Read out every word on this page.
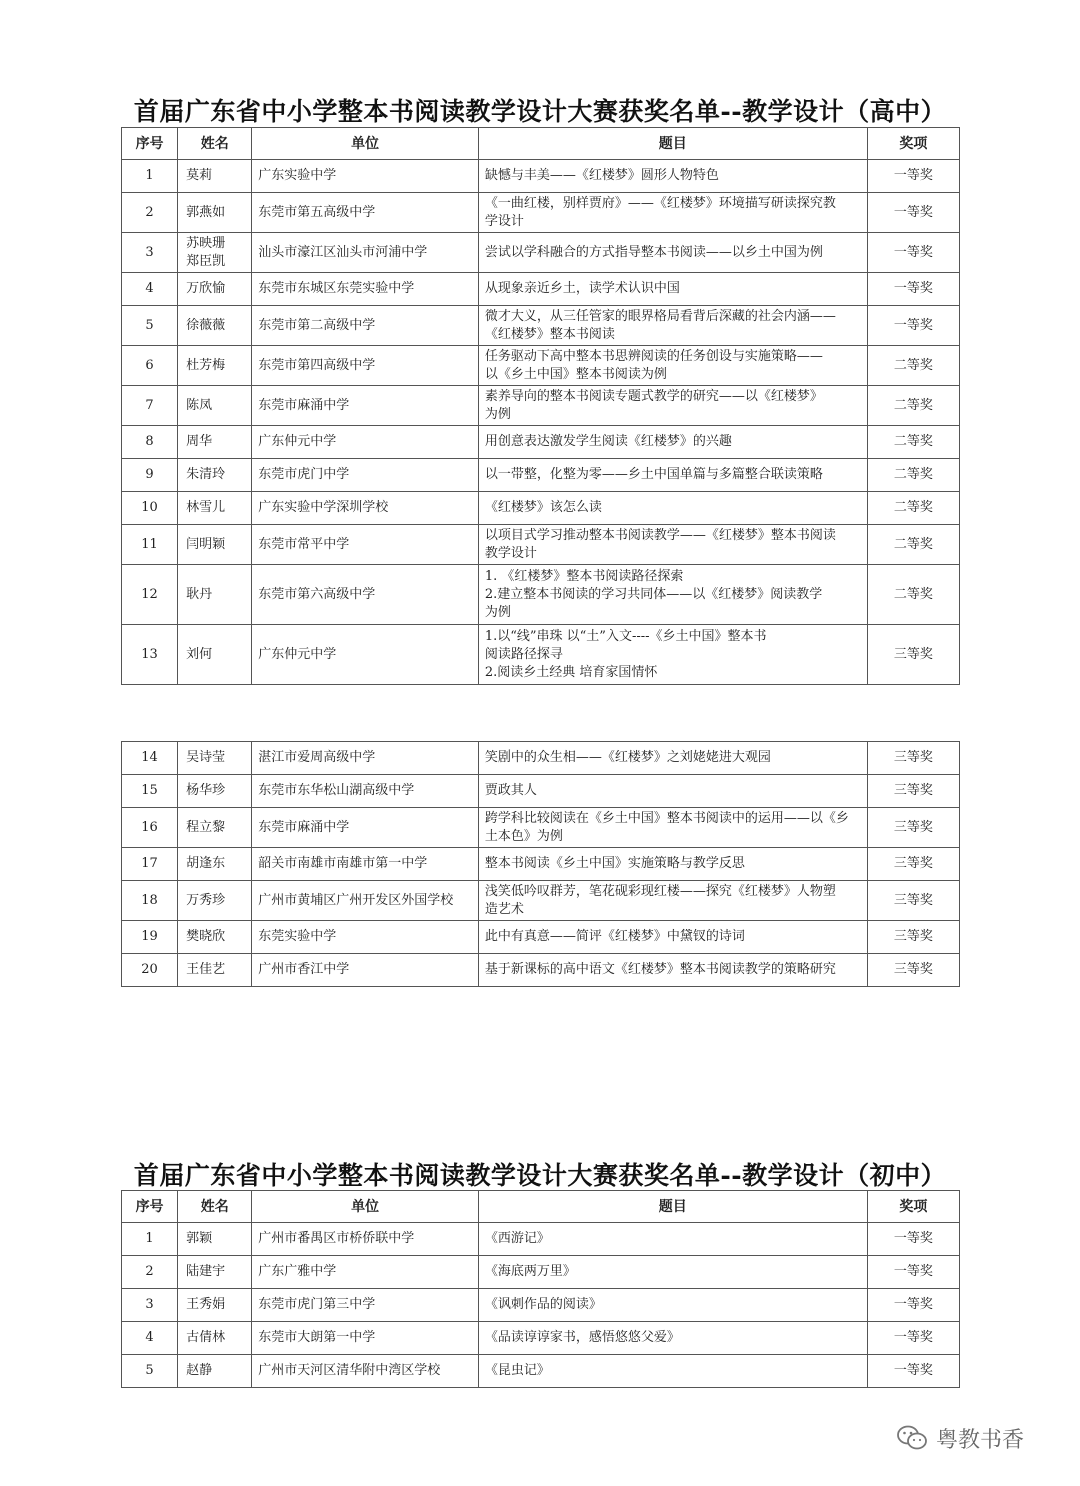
首届广东省中小学整本书阅读教学设计大赛获奖名单--教学设计（高中）
序号	姓名	单位	题目	奖项
1	莫莉	广东实验中学	缺憾与丰美——《红楼梦》圆形人物特色	一等奖
2	郭燕如	东莞市第五高级中学	《一曲红楼，别样贾府》——《红楼梦》环境描写研读探究教
学设计	一等奖
3	苏映珊
郑臣凯	汕头市濠江区汕头市河浦中学	尝试以学科融合的方式指导整本书阅读——以乡土中国为例	一等奖
4	万欣愉	东莞市东城区东莞实验中学	从现象亲近乡土，读学术认识中国	一等奖
5	徐薇薇	东莞市第二高级中学	微才大义，从三任管家的眼界格局看背后深藏的社会内涵——
《红楼梦》整本书阅读	一等奖
6	杜芳梅	东莞市第四高级中学	任务驱动下高中整本书思辨阅读的任务创设与实施策略——
以《乡土中国》整本书阅读为例	二等奖
7	陈凤	东莞市麻涌中学	素养导向的整本书阅读专题式教学的研究——以《红楼梦》
为例	二等奖
8	周华	广东仲元中学	用创意表达激发学生阅读《红楼梦》的兴趣	二等奖
9	朱清玲	东莞市虎门中学	以一带整，化整为零——乡土中国单篇与多篇整合联读策略	二等奖
10	林雪儿	广东实验中学深圳学校	《红楼梦》该怎么读	二等奖
11	闫明颖	东莞市常平中学	以项目式学习推动整本书阅读教学——《红楼梦》整本书阅读
教学设计	二等奖
12	耿丹	东莞市第六高级中学	1. 《红楼梦》整本书阅读路径探索
2.建立整本书阅读的学习共同体——以《红楼梦》阅读教学
为例	二等奖
13	刘何	广东仲元中学	1.以“线”串珠 以“土”入文----《乡土中国》整本书
阅读路径探寻
2.阅读乡土经典 培育家国情怀	三等奖
14	吴诗莹	湛江市爱周高级中学	笑剧中的众生相——《红楼梦》之刘姥姥进大观园	三等奖
15	杨华珍	东莞市东华松山湖高级中学	贾政其人	三等奖
16	程立黎	东莞市麻涌中学	跨学科比较阅读在《乡土中国》整本书阅读中的运用——以《乡
土本色》为例	三等奖
17	胡逢东	韶关市南雄市南雄市第一中学	整本书阅读《乡土中国》实施策略与教学反思	三等奖
18	万秀珍	广州市黄埔区广州开发区外国学校	浅笑低吟叹群芳，笔花砚彩现红楼——探究《红楼梦》人物塑
造艺术	三等奖
19	樊晓欣	东莞实验中学	此中有真意——简评《红楼梦》中黛钗的诗词	三等奖
20	王佳艺	广州市香江中学	基于新课标的高中语文《红楼梦》整本书阅读教学的策略研究	三等奖
首届广东省中小学整本书阅读教学设计大赛获奖名单--教学设计（初中）
序号	姓名	单位	题目	奖项
1	郭颖	广州市番禺区市桥侨联中学	《西游记》	一等奖
2	陆建宇	广东广雅中学	《海底两万里》	一等奖
3	王秀娟	东莞市虎门第三中学	《讽刺作品的阅读》	一等奖
4	古倩林	东莞市大朗第一中学	《品读谆谆家书，感悟悠悠父爱》	一等奖
5	赵静	广州市天河区清华附中湾区学校	《昆虫记》	一等奖
粤教书香
